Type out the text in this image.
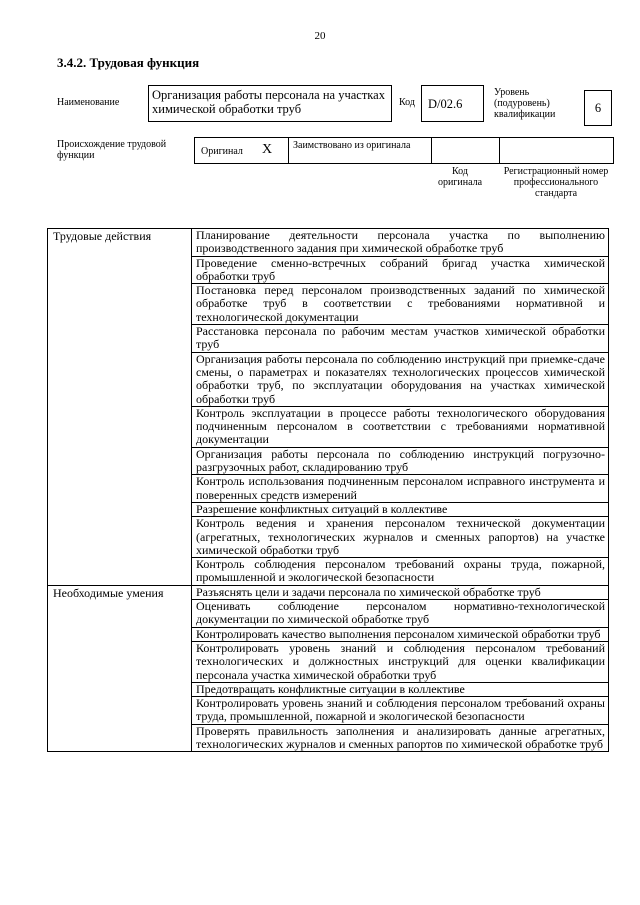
20
3.4.2. Трудовая функция
Наименование
Организация работы персонала на участках химической обработки труб	Код	D/02.6
Уровень (подуровень) квалификации	6
Происхождение трудовой функции	Оригинал X Заимствовано из оригинала
Код оригинала
Регистрационный номер профессионального стандарта
Трудовые действия	Планирование деятельности персонала участка по выполнению производственного задания при химической обработке труб
	Проведение сменно-встречных собраний бригад участка химической обработки труб
	Постановка перед персоналом производственных заданий по химической обработке труб в соответствии с требованиями нормативной и технологической документации
	Расстановка персонала по рабочим местам участков химической обработки труб
	Организация работы персонала по соблюдению инструкций при приемке-сдаче смены, о параметрах и показателях технологических процессов химической обработки труб, по эксплуатации оборудования на участках химической обработки труб
	Контроль эксплуатации в процессе работы технологического оборудования подчиненным персоналом в соответствии с требованиями нормативной документации
	Организация работы персонала по соблюдению инструкций погрузочно-разгрузочных работ, складированию труб
	Контроль использования подчиненным персоналом исправного инструмента и поверенных средств измерений
	Разрешение конфликтных ситуаций в коллективе
	Контроль ведения и хранения персоналом технической документации (агрегатных, технологических журналов и сменных рапортов) на участке химической обработки труб
	Контроль соблюдения персоналом требований охраны труда, пожарной, промышленной и экологической безопасности
Необходимые умения	Разъяснять цели и задачи персонала по химической обработке труб
	Оценивать соблюдение персоналом нормативно-технологической документации по химической обработке труб
	Контролировать качество выполнения персоналом химической обработки труб
	Контролировать уровень знаний и соблюдения персоналом требований технологических и должностных инструкций для оценки квалификации персонала участка химической обработки труб
	Предотвращать конфликтные ситуации в коллективе
	Контролировать уровень знаний и соблюдения персоналом требований охраны труда, промышленной, пожарной и экологической безопасности
	Проверять правильность заполнения и анализировать данные агрегатных, технологических журналов и сменных рапортов по химической обработке труб
